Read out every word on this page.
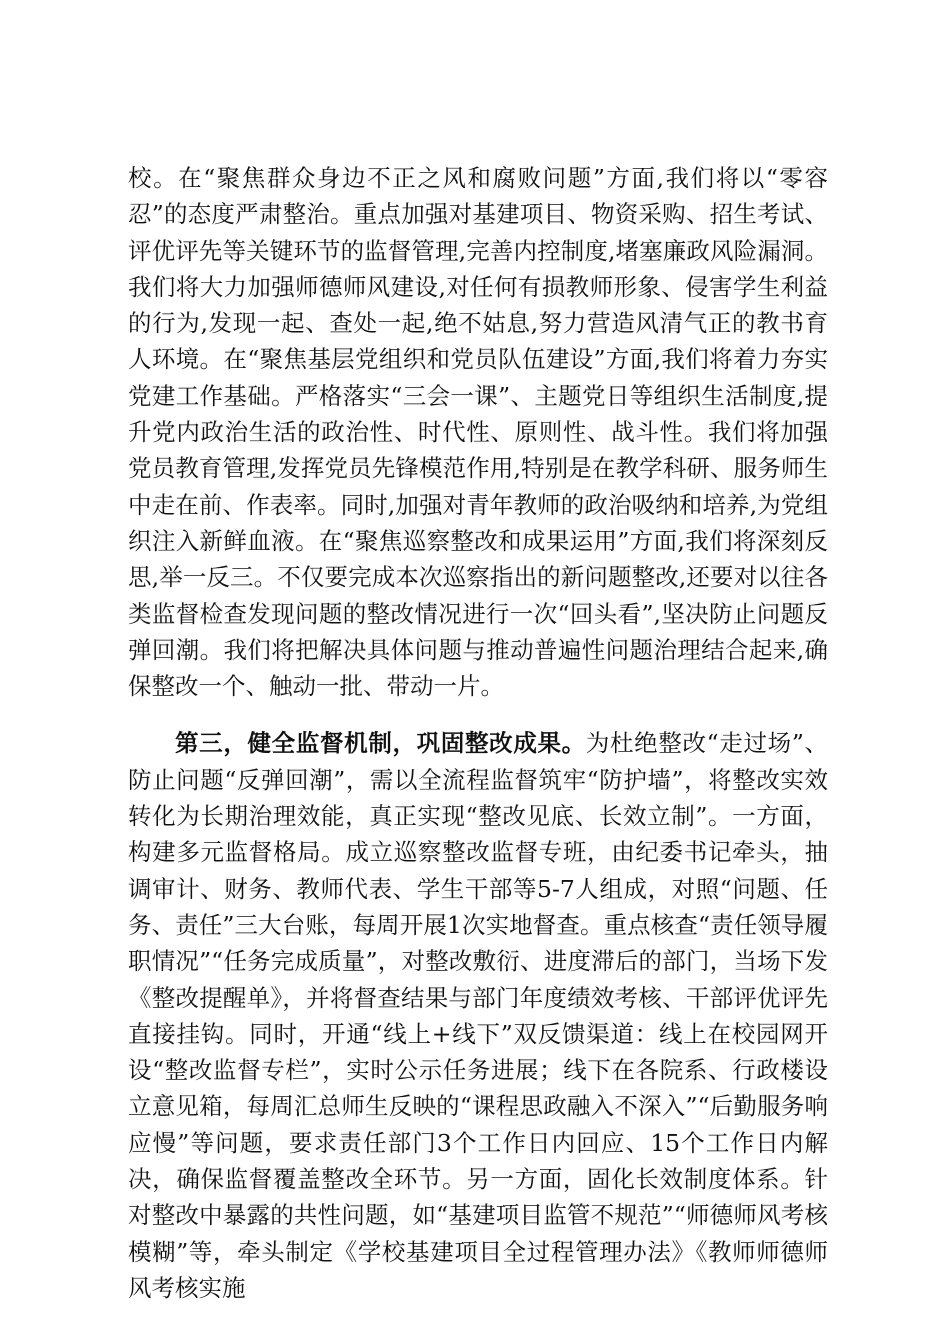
校。在“聚焦群众身边不正之风和腐败问题”方面,我们将以“零容忍”的态度严肃整治。重点加强对基建项目、物资采购、招生考试、评优评先等关键环节的监督管理,完善内控制度,堵塞廉政风险漏洞。我们将大力加强师德师风建设,对任何有损教师形象、侵害学生利益的行为,发现一起、查处一起,绝不姑息,努力营造风清气正的教书育人环境。在“聚焦基层党组织和党员队伍建设”方面,我们将着力夯实党建工作基础。严格落实“三会一课”、主题党日等组织生活制度,提升党内政治生活的政治性、时代性、原则性、战斗性。我们将加强党员教育管理,发挥党员先锋模范作用,特别是在教学科研、服务师生中走在前、作表率。同时,加强对青年教师的政治吸纳和培养,为党组织注入新鲜血液。在“聚焦巡察整改和成果运用”方面,我们将深刻反思,举一反三。不仅要完成本次巡察指出的新问题整改,还要对以往各类监督检查发现问题的整改情况进行一次“回头看”,坚决防止问题反弹回潮。我们将把解决具体问题与推动普遍性问题治理结合起来,确保整改一个、触动一批、带动一片。

第三，健全监督机制，巩固整改成果。为杜绝整改“走过场”、防止问题“反弹回潮”，需以全流程监督筑牢“防护墙”，将整改实效转化为长期治理效能，真正实现“整改见底、长效立制”。一方面，构建多元监督格局。成立巡察整改监督专班，由纪委书记牵头，抽调审计、财务、教师代表、学生干部等5-7人组成，对照“问题、任务、责任”三大台账，每周开展1次实地督查。重点核查“责任领导履职情况”“任务完成质量”，对整改敷衍、进度滞后的部门，当场下发《整改提醒单》，并将督查结果与部门年度绩效考核、干部评优评先直接挂钩。同时，开通“线上+线下”双反馈渠道：线上在校园网开设“整改监督专栏”，实时公示任务进展；线下在各院系、行政楼设立意见箱，每周汇总师生反映的“课程思政融入不深入”“后勤服务响应慢”等问题，要求责任部门3个工作日内回应、15个工作日内解决，确保监督覆盖整改全环节。另一方面，固化长效制度体系。针对整改中暴露的共性问题，如“基建项目监管不规范”“师德师风考核模糊”等，牵头制定《学校基建项目全过程管理办法》《教师师德师风考核实施
